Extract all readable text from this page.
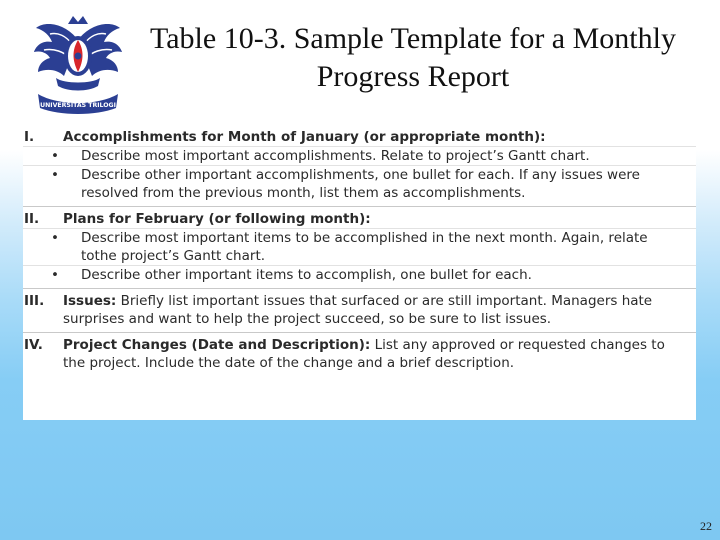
UNIVERSITAS TRILOGI
Table 10-3. Sample Template for a Monthly
Progress Report
I.	Accomplishments for Month of January (or appropriate month):
•	Describe most important accomplishments. Relate to project’s Gantt chart.
•	Describe other important accomplishments, one bullet for each. If any issues were resolved from the previous month, list them as accomplishments.
II.	Plans for February (or following month):
•	Describe most important items to be accomplished in the next month. Again, relate tothe project’s Gantt chart.
•	Describe other important items to accomplish, one bullet for each.
III.	Issues: Briefly list important issues that surfaced or are still important. Managers hate surprises and want to help the project succeed, so be sure to list issues.
IV.	Project Changes (Date and Description): List any approved or requested changes to the project. Include the date of the change and a brief description.
22
